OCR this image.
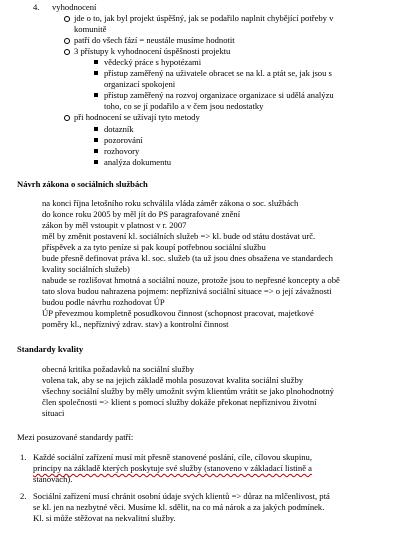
4. vyhodnocení
jde o to, jak byl projekt úspěšný, jak se podařilo naplnit chybějící potřeby v
komunitě
patří do všech fází = neustále musíme hodnotit
3 přístupy k vyhodnocení úspěšnosti projektu
vědecký práce s hypotézami
přístup zaměřený na uživatele obracet se na kl. a ptát se, jak jsou s
organizací spokojeni
přístup zaměřený na rozvoj organizace organizace si udělá analýzu
toho, co se jí podařilo a v čem jsou nedostatky
při hodnocení se užívají tyto metody
dotazník
pozorování
rozhovory
analýza dokumentu
Návrh zákona o sociálních službách
na konci října letošního roku schválila vláda záměr zákona o soc. službách
do konce roku 2005 by měl jít do PS paragrafované znění
zákon by měl vstoupit v platnost v r. 2007
měl by změnit postavení kl. sociálních služeb => kl. bude od státu dostávat urč.
příspěvek a za tyto peníze si pak koupí potřebnou sociální službu
bude přesně definovat práva kl. soc. služeb (ta už jsou dnes obsažena ve standardech
kvality sociálních služeb)
nabude se rozlišovat hmotná a sociální nouze, protože jsou to nepřesné koncepty a obě
tato slova budou nahrazena pojmem: nepříznivá sociální situace => o její závažnosti
budou podle návrhu rozhodovat ÚP
ÚP převezmou kompletně posudkovou činnost (schopnost pracovat, majetkové
poměry kl., nepříznivý zdrav. stav) a kontrolní činnost
Standardy kvality
obecná kritika požadavků na sociální služby
volena tak, aby se na jejich základě mohla posuzovat kvalita sociální služby
všechny sociální služby by měly umožnit svým klientům vrátit se jako plnohodnotný
člen společnosti => klient s pomocí služby dokáže překonat nepříznivou životní
situaci
Mezi posuzované standardy patří:
1. Každé sociální zařízení musí mít přesně stanovené poslání, cíle, cílovou skupinu,
principy na základě kterých poskytuje své služby (stanoveno v základací listině a
stanovách).
2. Sociální zařízení musí chránit osobní údaje svých klientů => důraz na mlčenlivost, ptá
se kl. jen na nezbytné věci. Musíme kl. sdělit, na co má nárok a za jakých podmínek.
Kl. si může stěžovat na nekvalitní služby.
